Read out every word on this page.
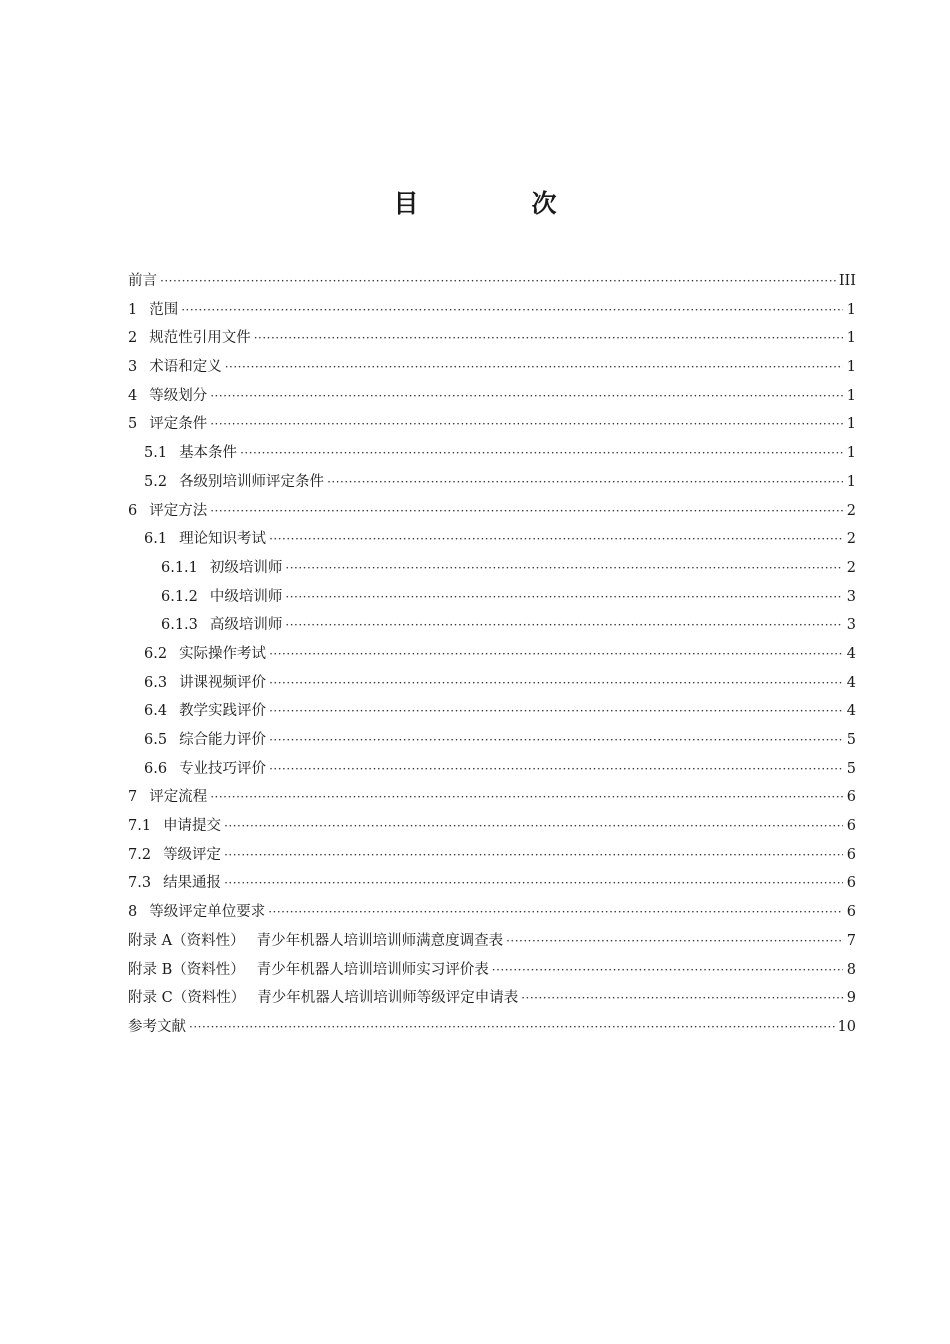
目　次
前言 ·····	III
1 范围 ·····	1
2 规范性引用文件 ·····	1
3 术语和定义 ·····	1
4 等级划分 ·····	1
5 评定条件 ·····	1
5.1 基本条件 ·····	1
5.2 各级别培训师评定条件 ·····	1
6 评定方法 ·····	2
6.1 理论知识考试 ·····	2
6.1.1 初级培训师 ·····	2
6.1.2 中级培训师 ·····	3
6.1.3 高级培训师 ·····	3
6.2 实际操作考试 ·····	4
6.3 讲课视频评价 ·····	4
6.4 教学实践评价 ·····	4
6.5 综合能力评价 ·····	5
6.6 专业技巧评价 ·····	5
7 评定流程 ·····	6
7.1 申请提交 ·····	6
7.2 等级评定 ·····	6
7.3 结果通报 ·····	6
8 等级评定单位要求 ·····	6
附录 A（资料性） 青少年机器人培训培训师满意度调查表 ·····	7
附录 B（资料性） 青少年机器人培训培训师实习评价表 ·····	8
附录 C（资料性） 青少年机器人培训培训师等级评定申请表 ·····	9
参考文献 ·····	10
